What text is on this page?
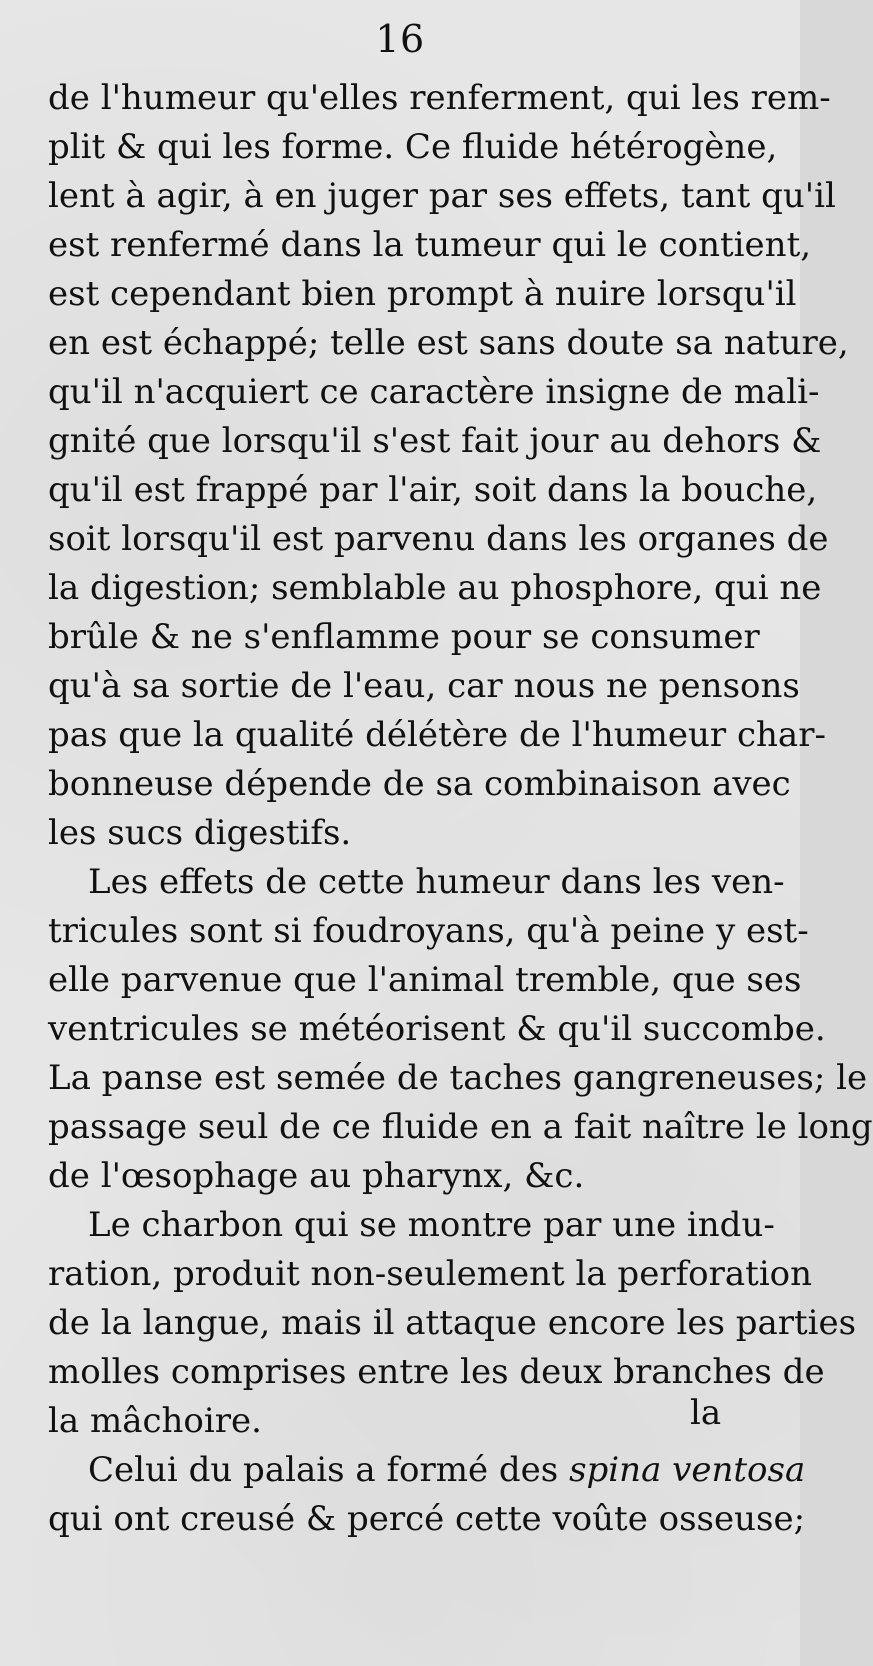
16
de l'humeur qu'elles renferment, qui les rem-
plit & qui les forme. Ce fluide hétérogène,
lent à agir, à en juger par ses effets, tant qu'il
est renfermé dans la tumeur qui le contient,
est cependant bien prompt à nuire lorsqu'il
en est échappé; telle est sans doute sa nature,
qu'il n'acquiert ce caractère insigne de mali-
gnité que lorsqu'il s'est fait jour au dehors &
qu'il est frappé par l'air, soit dans la bouche,
soit lorsqu'il est parvenu dans les organes de
la digestion; semblable au phosphore, qui ne
brûle & ne s'enflamme pour se consumer
qu'à sa sortie de l'eau, car nous ne pensons
pas que la qualité délétère de l'humeur char-
bonneuse dépende de sa combinaison avec
les sucs digestifs.
Les effets de cette humeur dans les ven-
tricules sont si foudroyans, qu'à peine y est-
elle parvenue que l'animal tremble, que ses
ventricules se météorisent & qu'il succombe.
La panse est semée de taches gangreneuses; le
passage seul de ce fluide en a fait naître le long
de l'œsophage au pharynx, &c.
Le charbon qui se montre par une indu-
ration, produit non-seulement la perforation
de la langue, mais il attaque encore les parties
molles comprises entre les deux branches de
la mâchoire.
Celui du palais a formé des spina ventosa
qui ont creusé & percé cette voûte osseuse;
la
